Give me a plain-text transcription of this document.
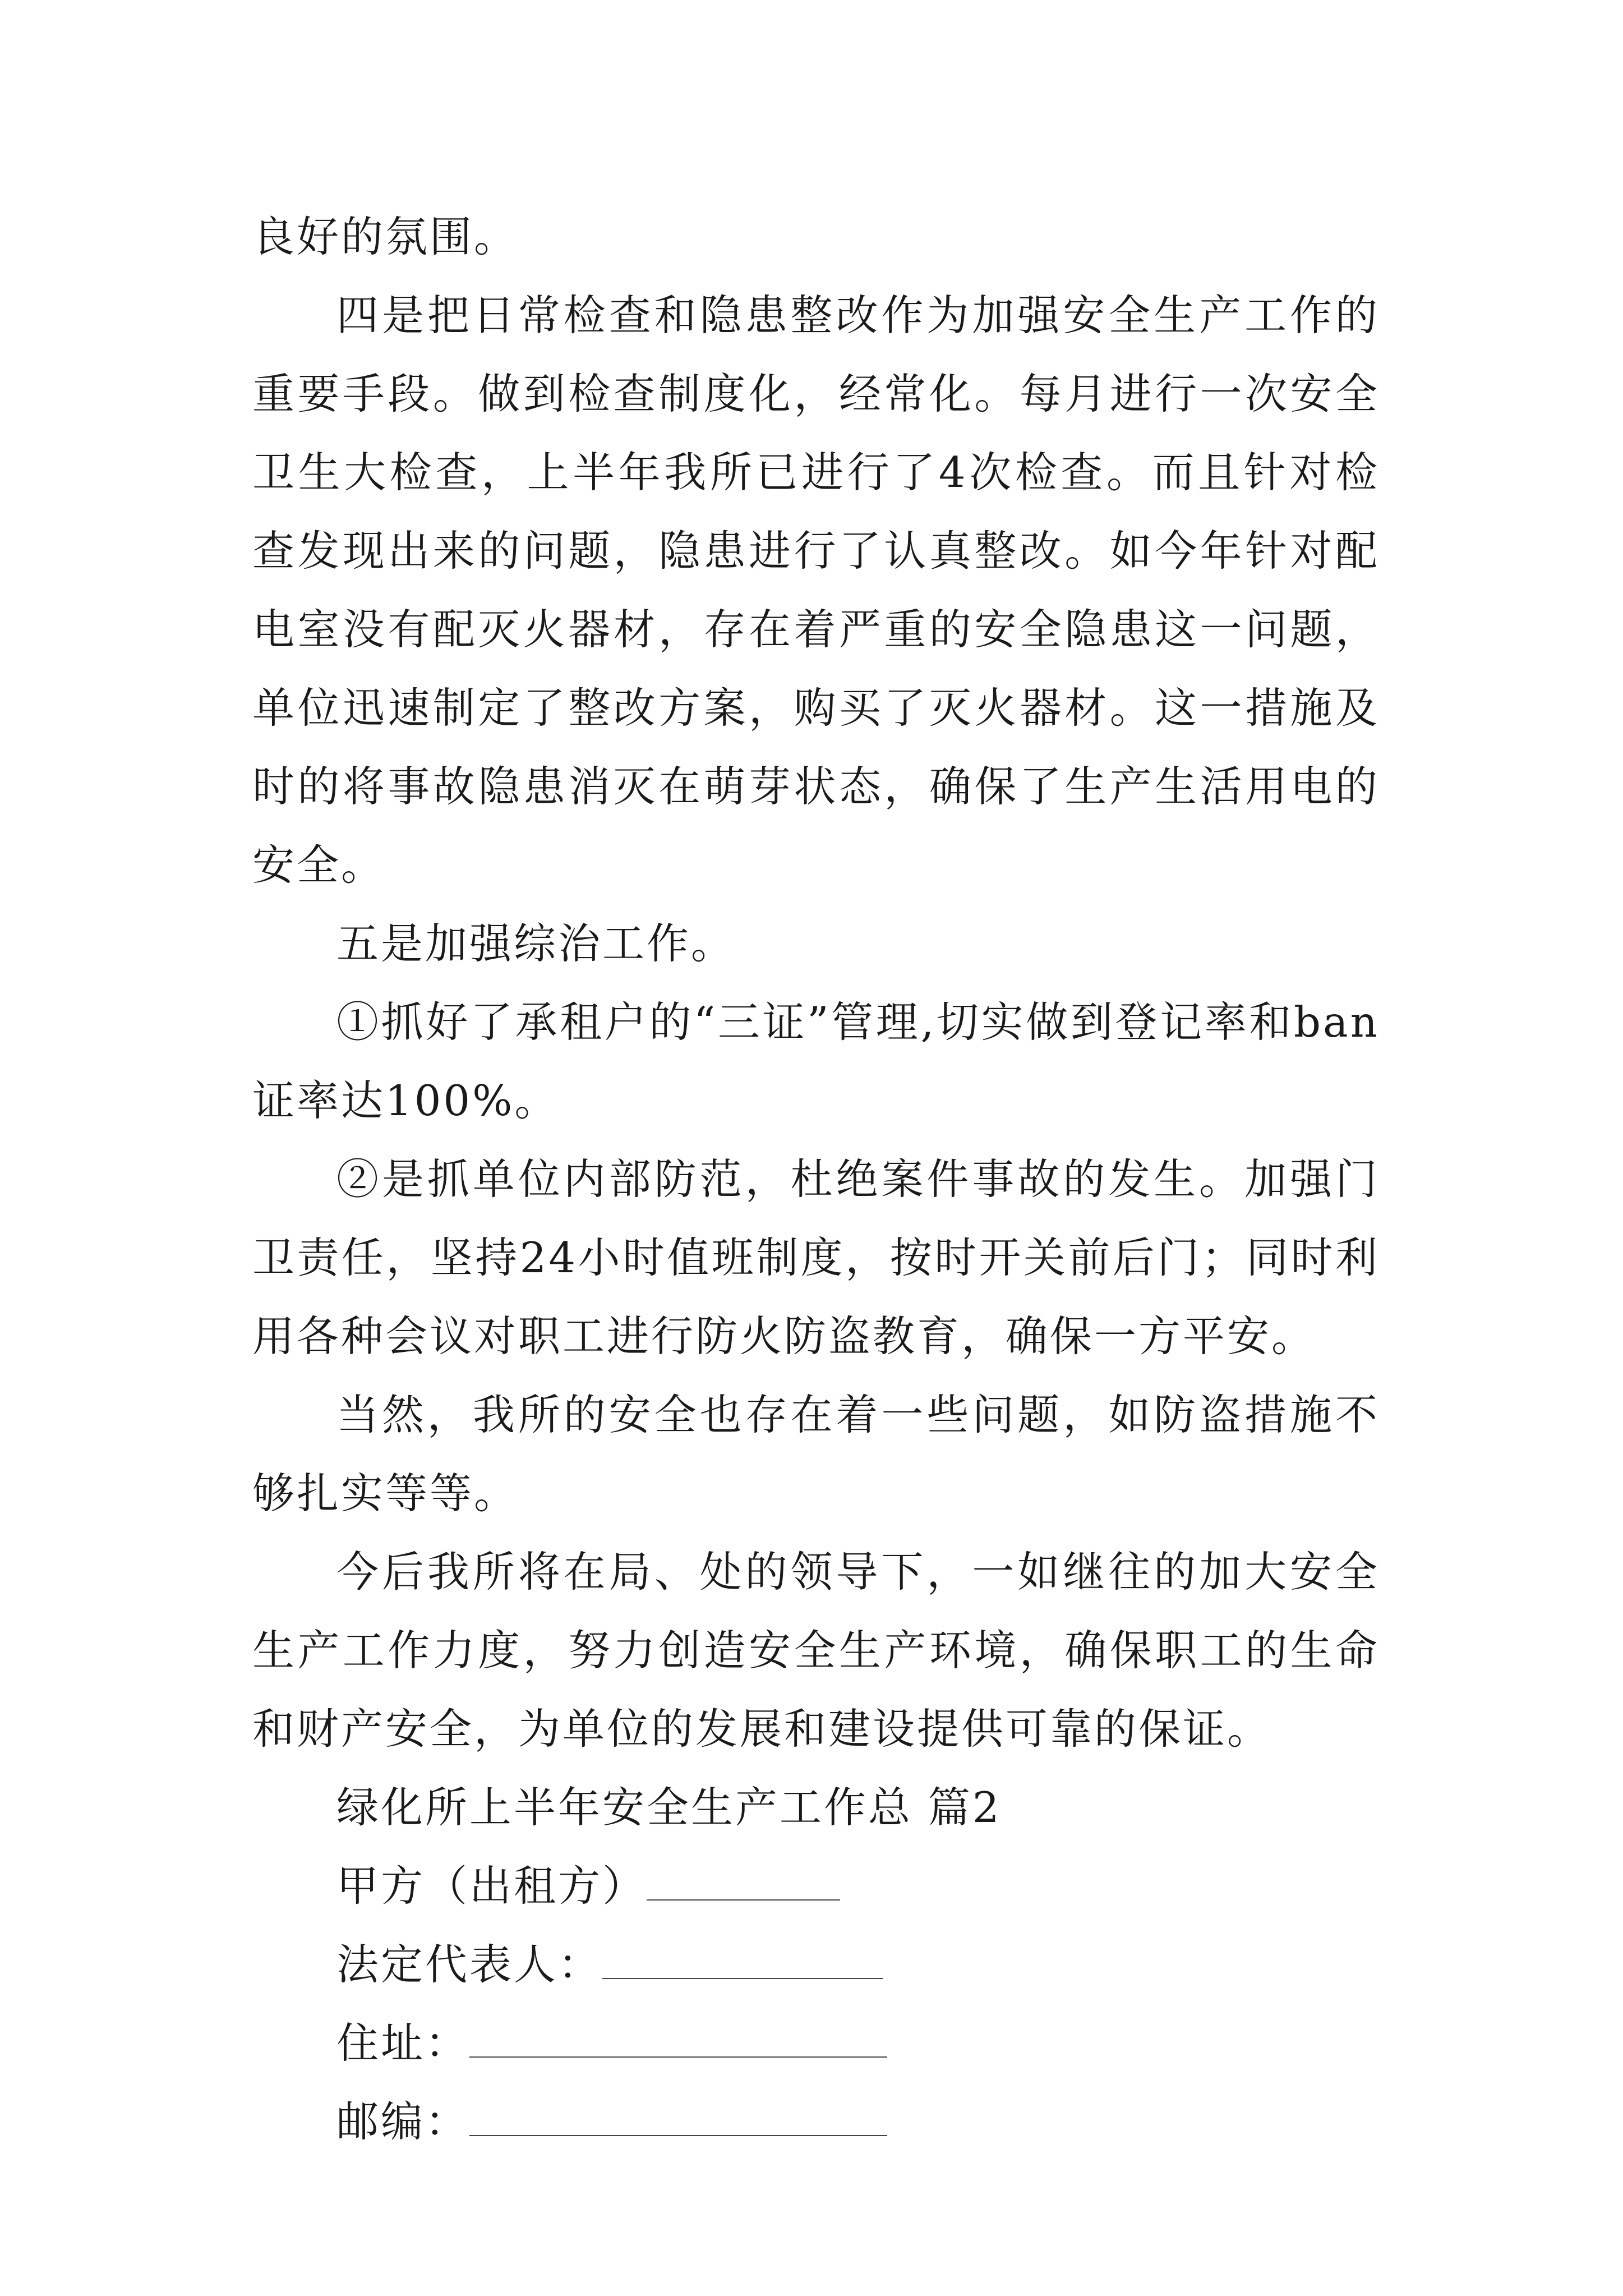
良好的氛围。

四是把日常检查和隐患整改作为加强安全生产工作的重要手段。做到检查制度化，经常化。每月进行一次安全卫生大检查，上半年我所已进行了4次检查。而且针对检查发现出来的问题，隐患进行了认真整改。如今年针对配电室没有配灭火器材，存在着严重的安全隐患这一问题，单位迅速制定了整改方案，购买了灭火器材。这一措施及时的将事故隐患消灭在萌芽状态，确保了生产生活用电的安全。

五是加强综治工作。

①抓好了承租户的“三证”管理,切实做到登记率和ban证率达100%。

②是抓单位内部防范，杜绝案件事故的发生。加强门卫责任，坚持24小时值班制度，按时开关前后门；同时利用各种会议对职工进行防火防盗教育，确保一方平安。

当然，我所的安全也存在着一些问题，如防盗措施不够扎实等等。

今后我所将在局、处的领导下，一如继往的加大安全生产工作力度，努力创造安全生产环境，确保职工的生命和财产安全，为单位的发展和建设提供可靠的保证。

绿化所上半年安全生产工作总 篇2

甲方（出租方）

法定代表人：

住址：

邮编：
